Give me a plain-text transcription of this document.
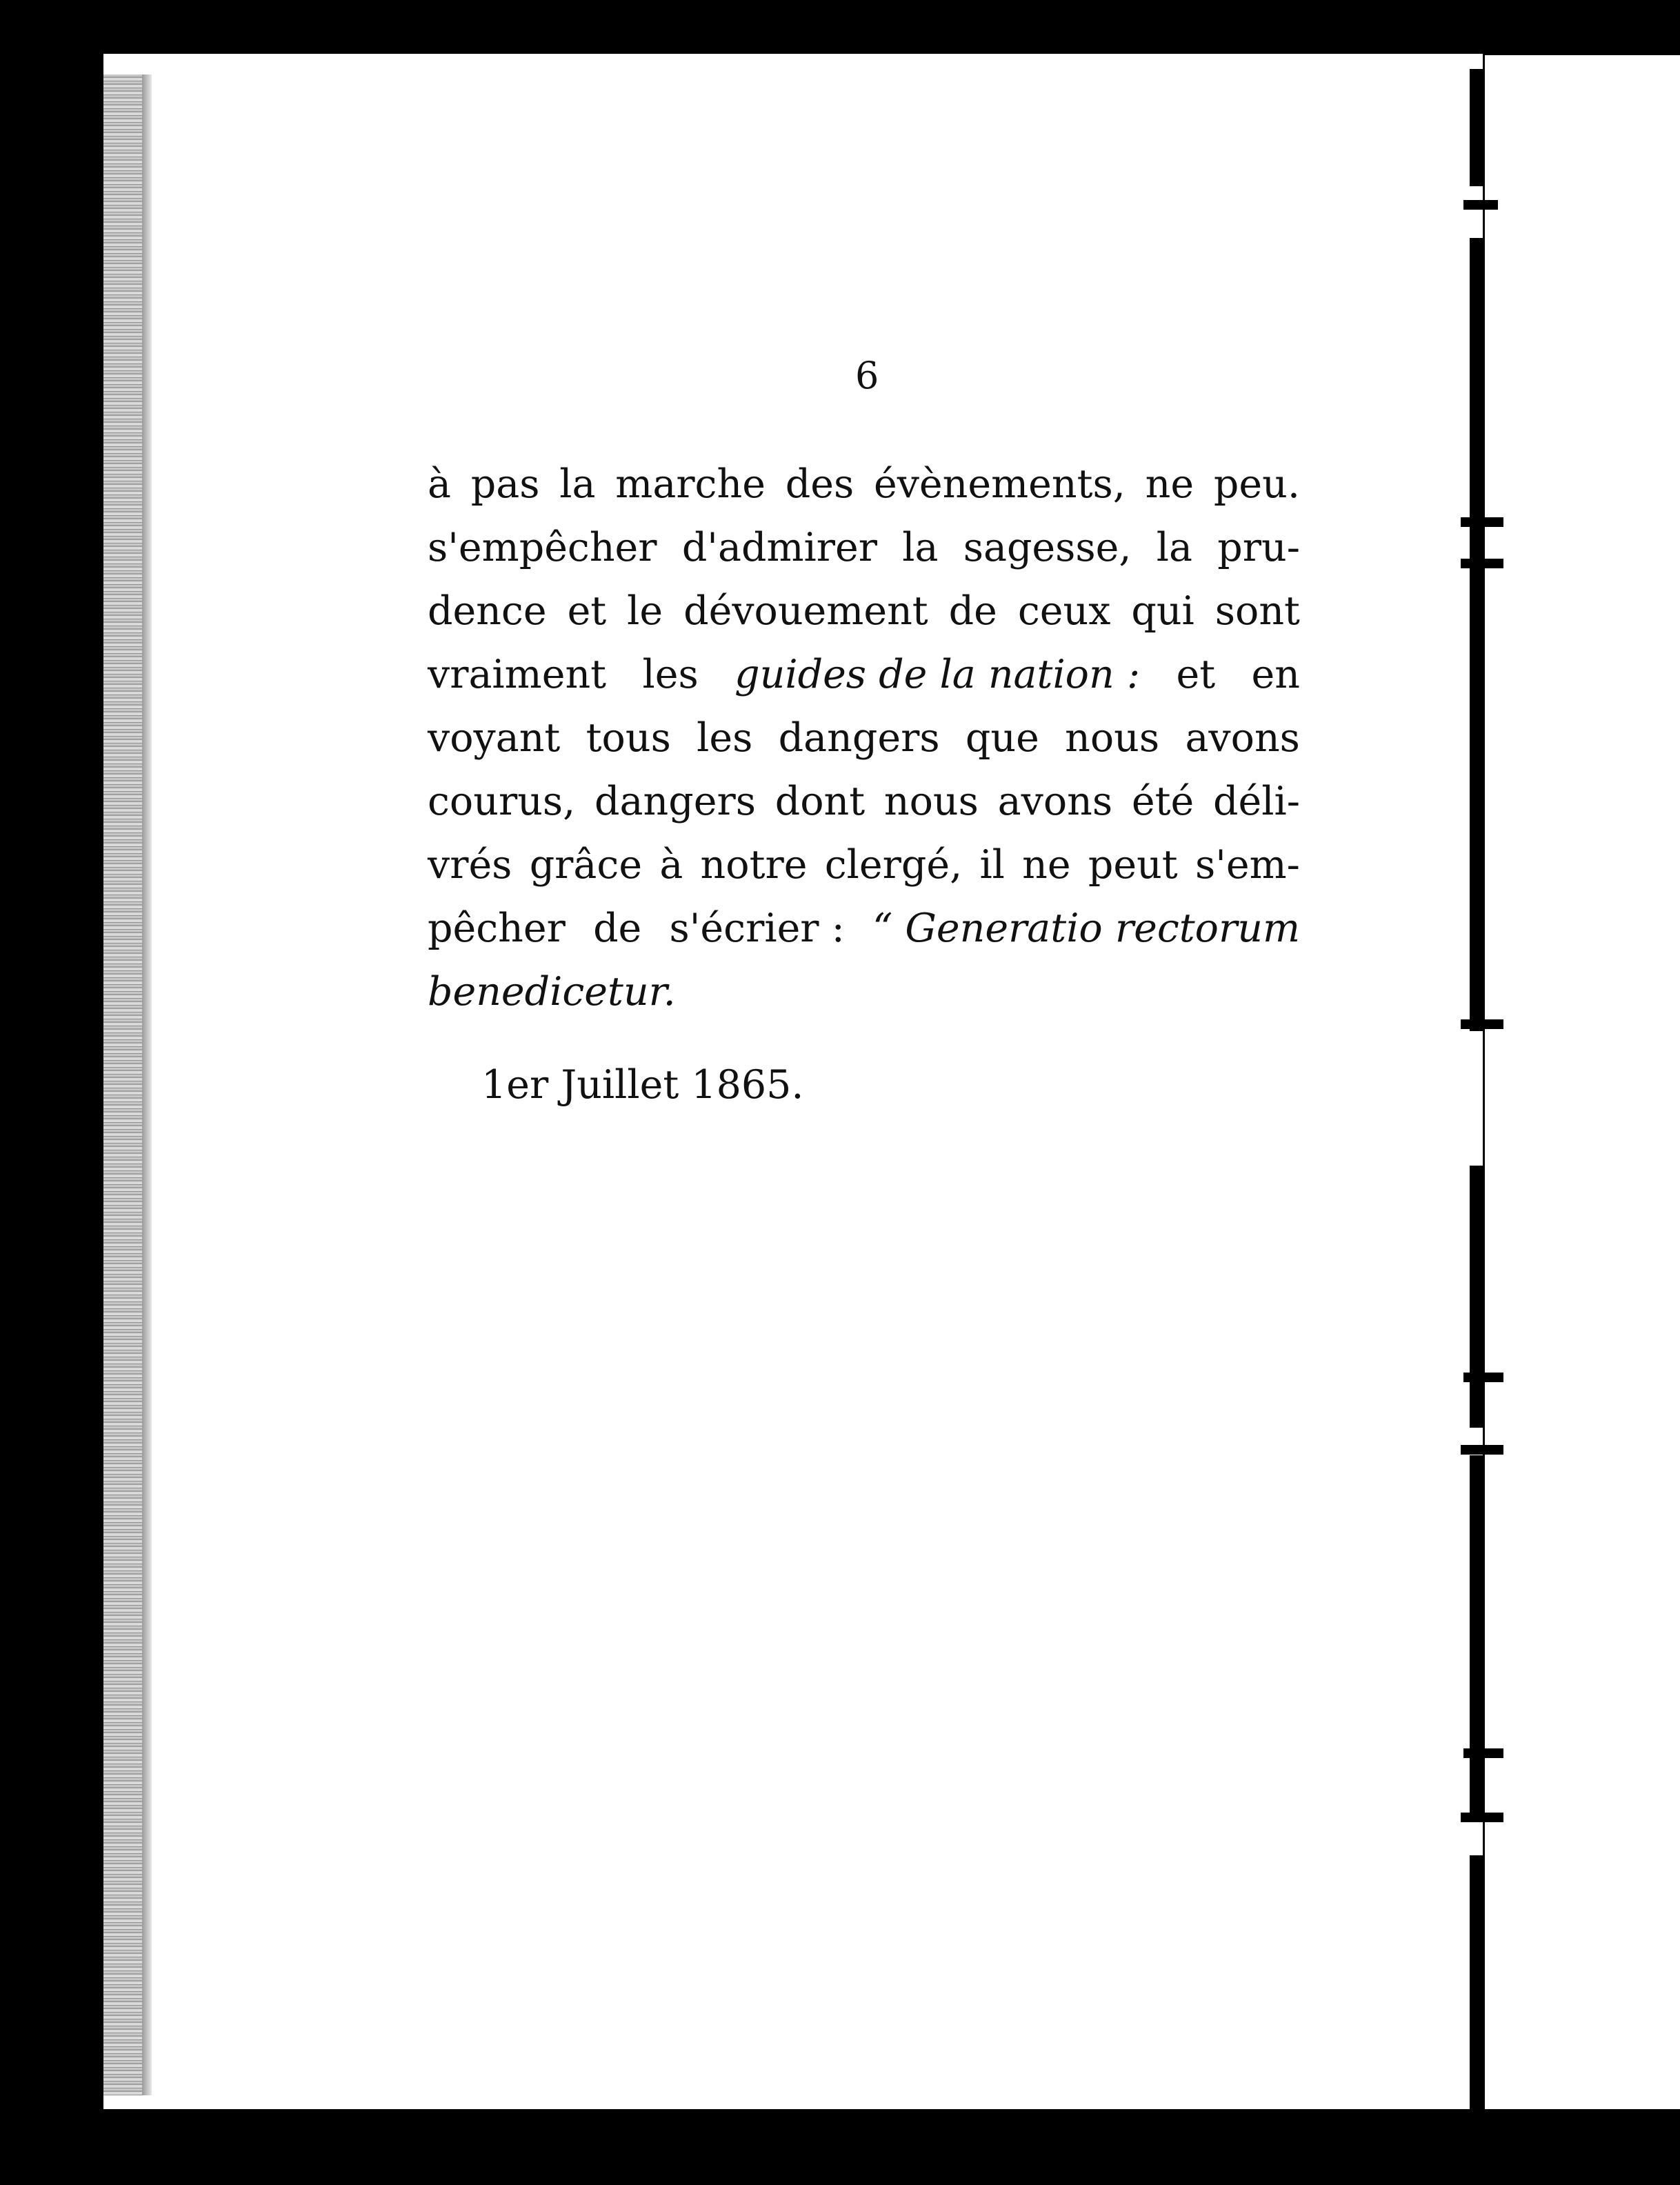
6
à pas la marche des évènements, ne peu.
s'empêcher d'admirer la sagesse, la pru-
dence et le dévouement de ceux qui sont
vraiment les guides de la nation : et en
voyant tous les dangers que nous avons
courus, dangers dont nous avons été déli-
vrés grâce à notre clergé, il ne peut s'em-
pêcher de s'écrier : “ Generatio rectorum
benedicetur.
1er Juillet 1865.
